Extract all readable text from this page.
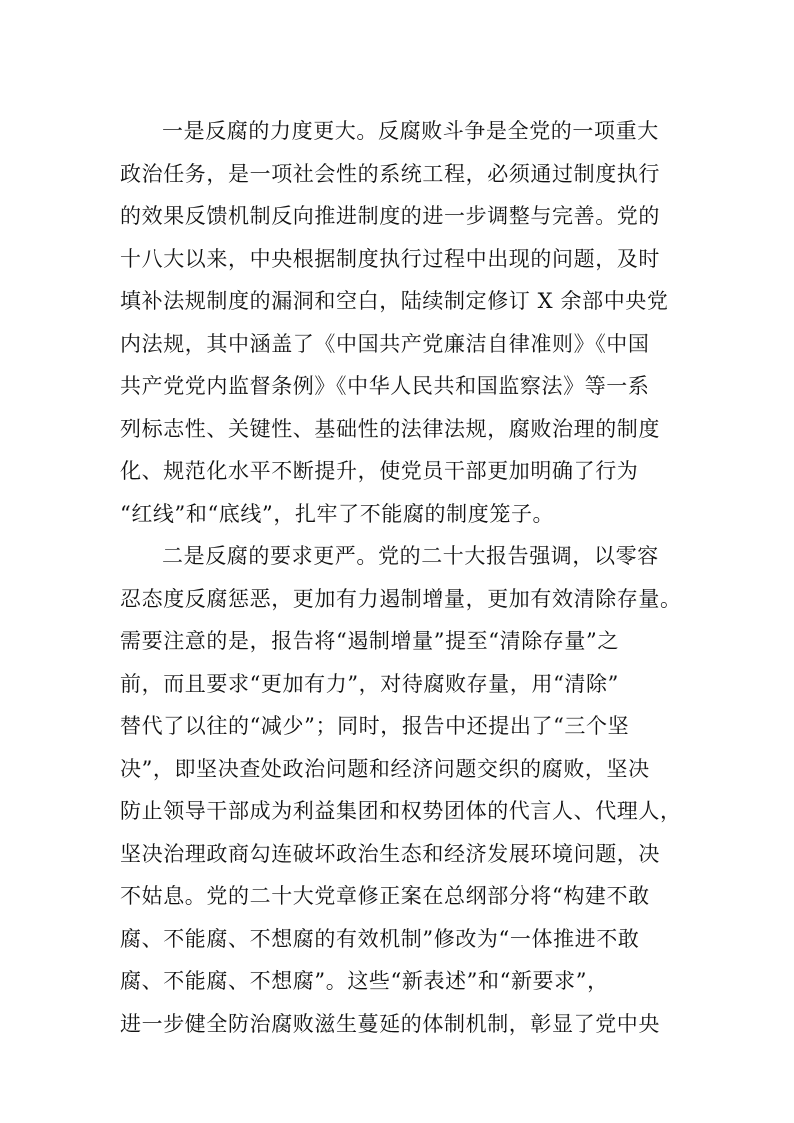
一是反腐的力度更大。反腐败斗争是全党的一项重大
政治任务，是一项社会性的系统工程，必须通过制度执行
的效果反馈机制反向推进制度的进一步调整与完善。党的
十八大以来，中央根据制度执行过程中出现的问题，及时
填补法规制度的漏洞和空白，陆续制定修订 X 余部中央党
内法规，其中涵盖了《中国共产党廉洁自律准则》《中国
共产党党内监督条例》《中华人民共和国监察法》等一系
列标志性、关键性、基础性的法律法规，腐败治理的制度
化、规范化水平不断提升，使党员干部更加明确了行为
“红线”和“底线”，扎牢了不能腐的制度笼子。
二是反腐的要求更严。党的二十大报告强调，以零容
忍态度反腐惩恶，更加有力遏制增量，更加有效清除存量。
需要注意的是，报告将“遏制增量”提至“清除存量”之
前，而且要求“更加有力”，对待腐败存量，用“清除”
替代了以往的“减少”；同时，报告中还提出了“三个坚
决”，即坚决查处政治问题和经济问题交织的腐败，坚决
防止领导干部成为利益集团和权势团体的代言人、代理人，
坚决治理政商勾连破坏政治生态和经济发展环境问题，决
不姑息。党的二十大党章修正案在总纲部分将“构建不敢
腐、不能腐、不想腐的有效机制”修改为“一体推进不敢
腐、不能腐、不想腐”。这些“新表述”和“新要求”，
进一步健全防治腐败滋生蔓延的体制机制，彰显了党中央
